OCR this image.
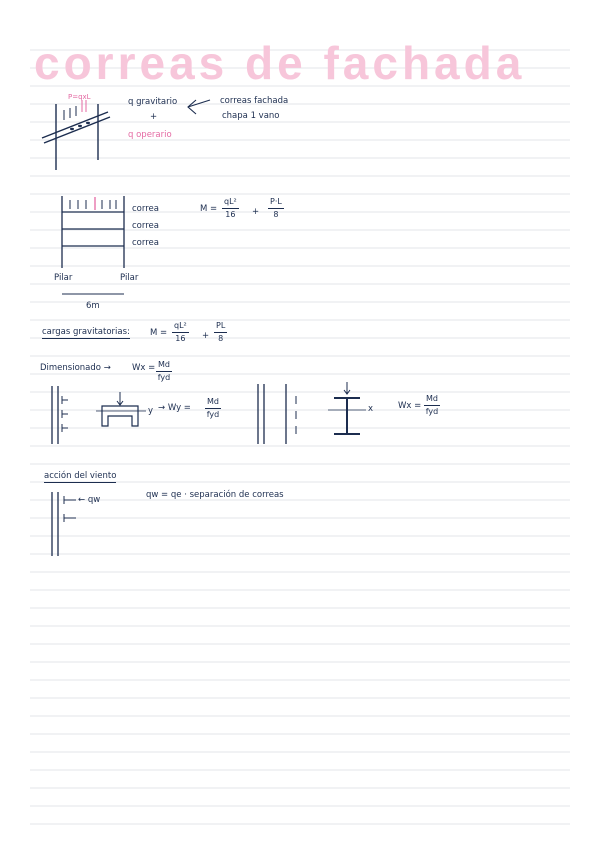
correas de fachada
P=qxL	q gravitario
+
q operario
correas fachada
chapa 1 vano
correa
correa
correa
Pilar	Pilar
6m
$M = \frac{\text{qL²}}{16} + \frac{P\cdot L}{8}$
cargas gravitatorias: $M = \frac{\text{qL²}}{16} + \frac{PL}{8}$
Dimensionado → Wx = Md
fyd
y → Wy =
Md
fyd
x	Wx =
Md
fyd
acción del viento
← qw	qw = qe · separación de correas
